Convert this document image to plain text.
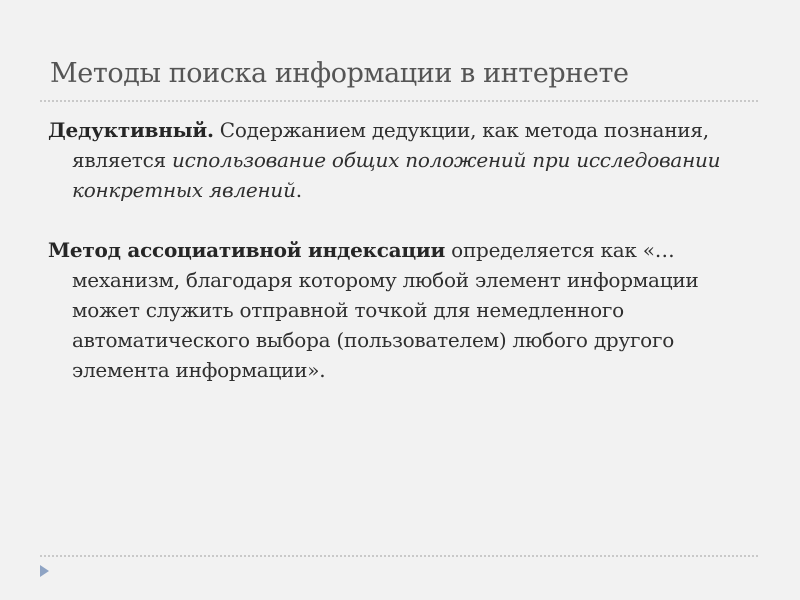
Методы поиска информации в интернете

Дедуктивный. Содержанием дедукции, как метода познания, является использование общих положений при исследовании конкретных явлений.

Метод ассоциативной индексации определяется как «… механизм, благодаря которому любой элемент информации может служить отправной точкой для немедленного автоматического выбора (пользователем) любого другого элемента информации».
